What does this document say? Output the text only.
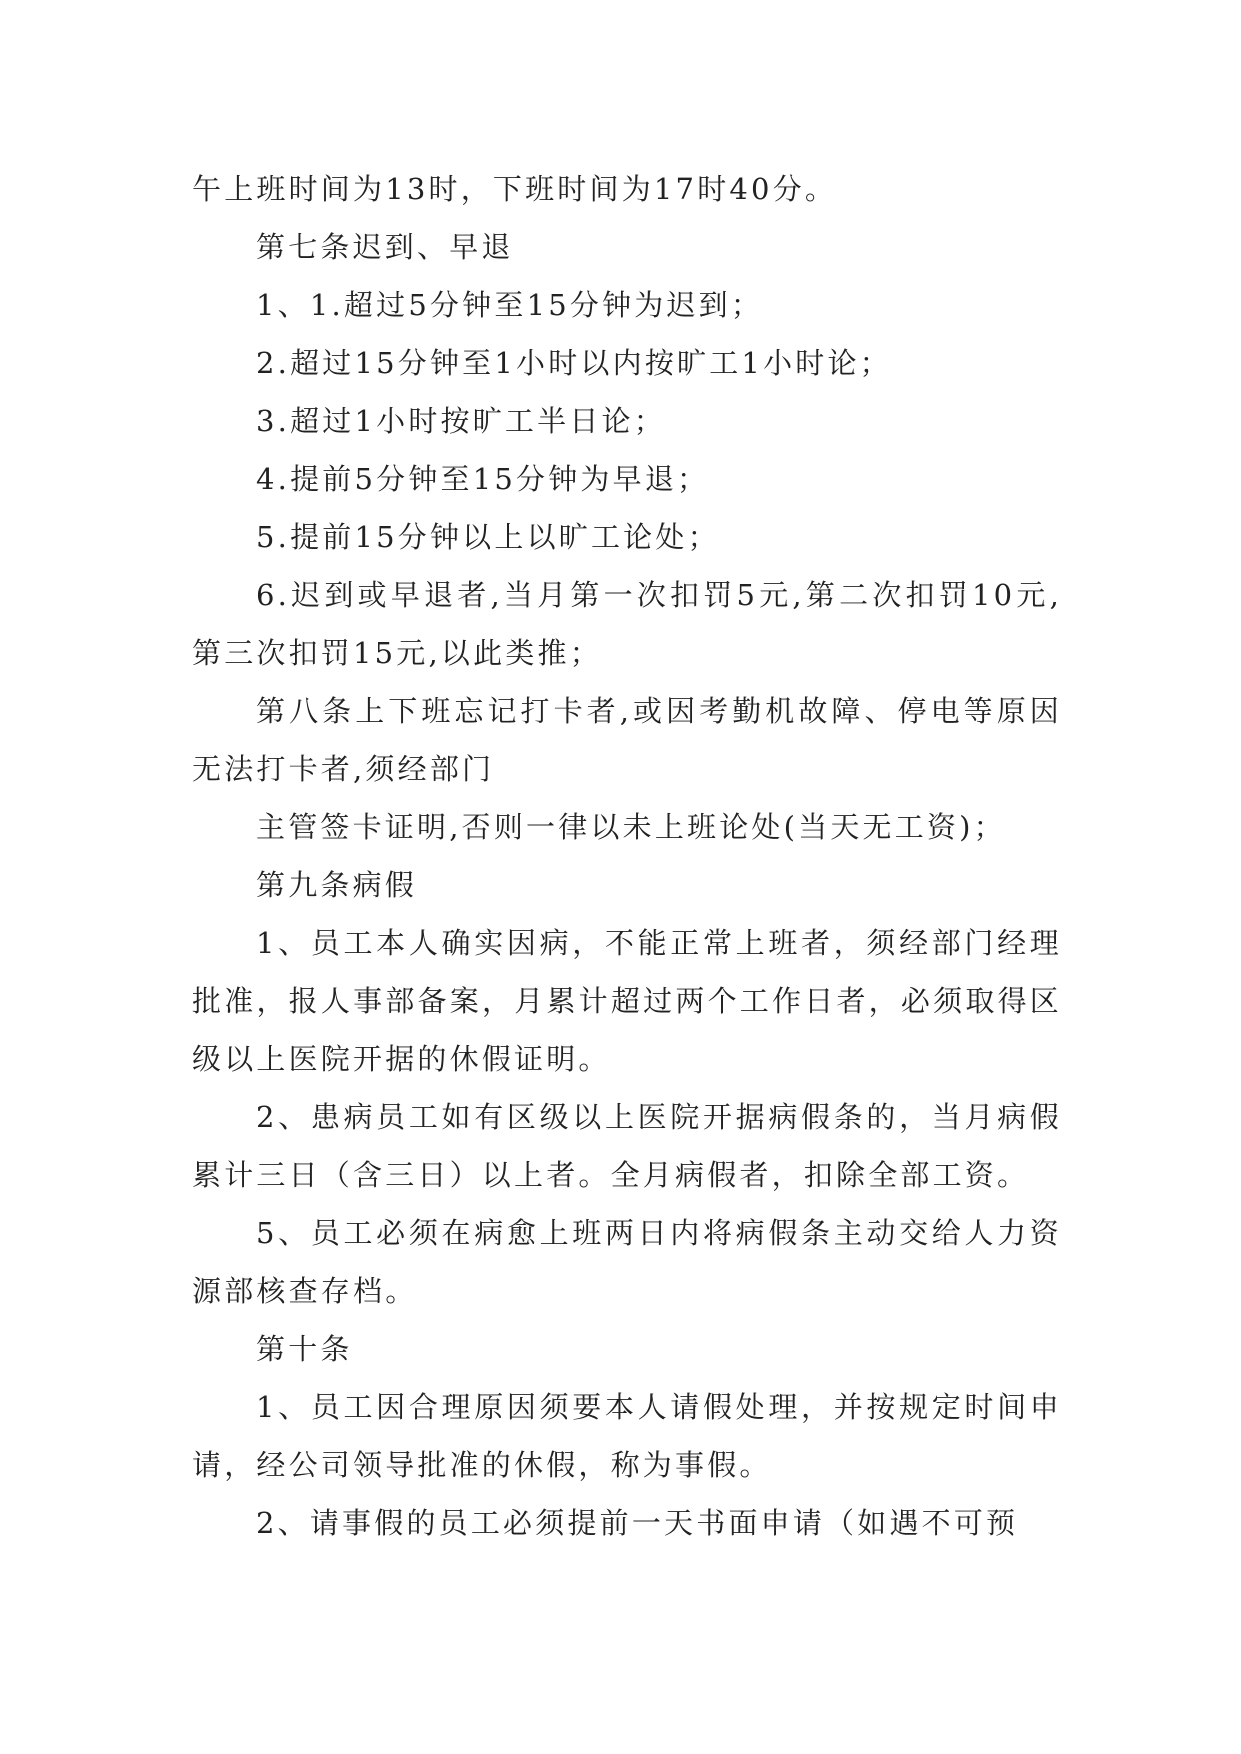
午上班时间为13时，下班时间为17时40分。

第七条迟到、早退

1、1.超过5分钟至15分钟为迟到；

2.超过15分钟至1小时以内按旷工1小时论；

3.超过1小时按旷工半日论；

4.提前5分钟至15分钟为早退；

5.提前15分钟以上以旷工论处；

6.迟到或早退者,当月第一次扣罚5元,第二次扣罚10元,第三次扣罚15元,以此类推；

第八条上下班忘记打卡者,或因考勤机故障、停电等原因无法打卡者,须经部门

主管签卡证明,否则一律以未上班论处(当天无工资)；

第九条病假

1、员工本人确实因病，不能正常上班者，须经部门经理批准，报人事部备案，月累计超过两个工作日者，必须取得区级以上医院开据的休假证明。

2、患病员工如有区级以上医院开据病假条的，当月病假累计三日（含三日）以上者。全月病假者，扣除全部工资。

5、员工必须在病愈上班两日内将病假条主动交给人力资源部核查存档。

第十条

1、员工因合理原因须要本人请假处理，并按规定时间申请，经公司领导批准的休假，称为事假。

2、请事假的员工必须提前一天书面申请（如遇不可预
